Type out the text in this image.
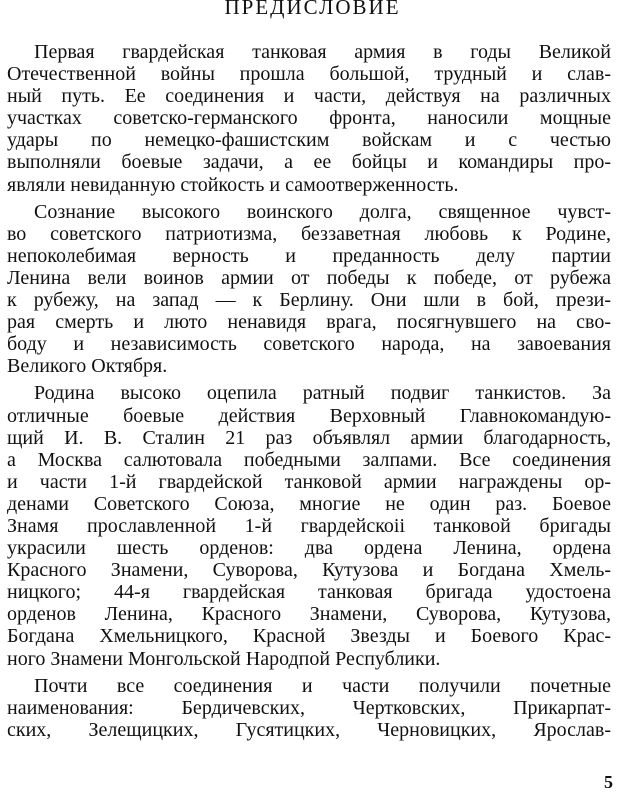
ПРЕДИСЛОВИЕ
Первая гвардейская танковая армия в годы Великой
Отечественной войны прошла большой, трудный и слав-
ный путь. Ее соединения и части, действуя на различных
участках советско-германского фронта, наносили мощные
удары по немецко-фашистским войскам и с честью
выполняли боевые задачи, а ее бойцы и командиры про-
являли невиданную стойкость и самоотверженность.
Сознание высокого воинского долга, священное чувст-
во советского патриотизма, беззаветная любовь к Родине,
непоколебимая верность и преданность делу партии
Ленина вели воинов армии от победы к победе, от рубежа
к рубежу, на запад — к Берлину. Они шли в бой, прези-
рая смерть и люто ненавидя врага, посягнувшего на сво-
боду и независимость советского народа, на завоевания
Великого Октября.
Родина высоко оцепила ратный подвиг танкистов. За
отличные боевые действия Верховный Главнокомандую-
щий И. В. Сталин 21 раз объявлял армии благодарность,
а Москва салютовала победными залпами. Все соединения
и части 1-й гвардейской танковой армии награждены ор-
денами Советского Союза, многие не один раз. Боевое
Знамя прославленной 1-й гвардейскоіі танковой бригады
украсили шесть орденов: два ордена Ленина, ордена
Красного Знамени, Суворова, Кутузова и Богдана Хмель-
ницкого; 44-я гвардейская танковая бригада удостоена
орденов Ленина, Красного Знамени, Суворова, Кутузова,
Богдана Хмельницкого, Красной Звезды и Боевого Крас-
ного Знамени Монгольской Народпой Республики.
Почти все соединения и части получили почетные
наименования: Бердичевских, Чертковских, Прикарпат-
ских, Зелещицких, Гусятицких, Черновицких, Ярослав-
5
